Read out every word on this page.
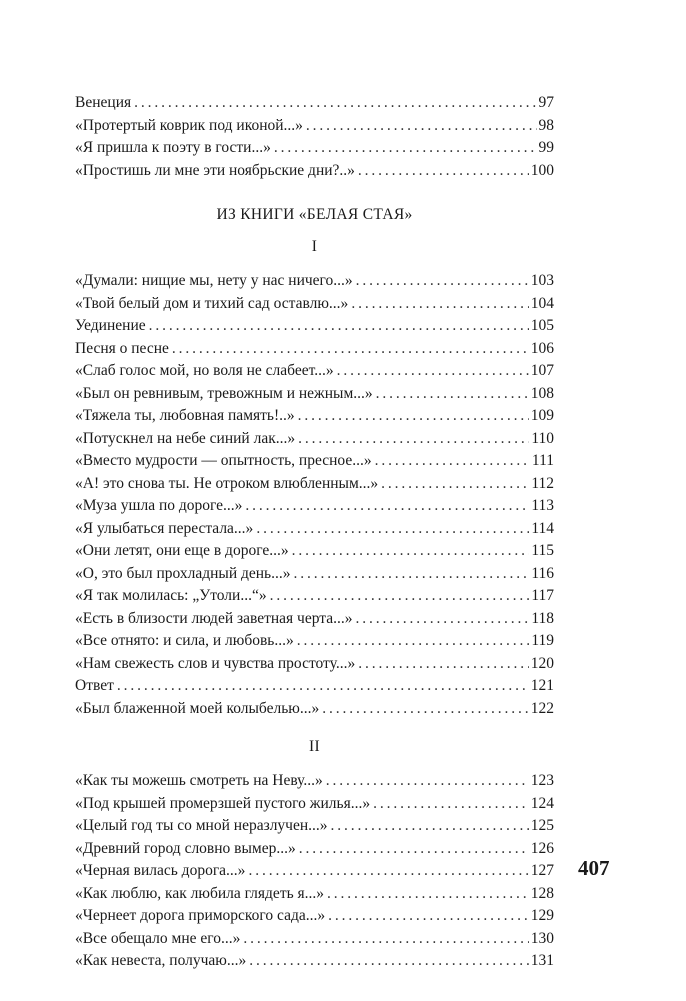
Венеция . . .	97
«Протертый коврик под иконой...» . . .	98
«Я пришла к поэту в гости...» . . .	99
«Простишь ли мне эти ноябрьские дни?..» . . .	100
ИЗ КНИГИ «БЕЛАЯ СТАЯ»
I
«Думали: нищие мы, нету у нас ничего...» . . .	103
«Твой белый дом и тихий сад оставлю...» . . .	104
Уединение . . .	105
Песня о песне . . .	106
«Слаб голос мой, но воля не слабеет...» . . .	107
«Был он ревнивым, тревожным и нежным...» . . .	108
«Тяжела ты, любовная память!..» . . .	109
«Потускнел на небе синий лак...» . . .	110
«Вместо мудрости — опытность, пресное...» . . .	111
«А! это снова ты. Не отроком влюбленным...» . . .	112
«Муза ушла по дороге...» . . .	113
«Я улыбаться перестала...» . . .	114
«Они летят, они еще в дороге...» . . .	115
«О, это был прохладный день...» . . .	116
«Я так молилась: „Утоли...“» . . .	117
«Есть в близости людей заветная черта...» . . .	118
«Все отнято: и сила, и любовь...» . . .	119
«Нам свежесть слов и чувства простоту...» . . .	120
Ответ . . .	121
«Был блаженной моей колыбелью...» . . .	122
II
«Как ты можешь смотреть на Неву...» . . .	123
«Под крышей промерзшей пустого жилья...» . . .	124
«Целый год ты со мной неразлучен...» . . .	125
«Древний город словно вымер...» . . .	126
«Черная вилась дорога...» . . .	127
«Как люблю, как любила глядеть я...» . . .	128
«Чернеет дорога приморского сада...» . . .	129
«Все обещало мне его...» . . .	130
«Как невеста, получаю...» . . .	131
407
